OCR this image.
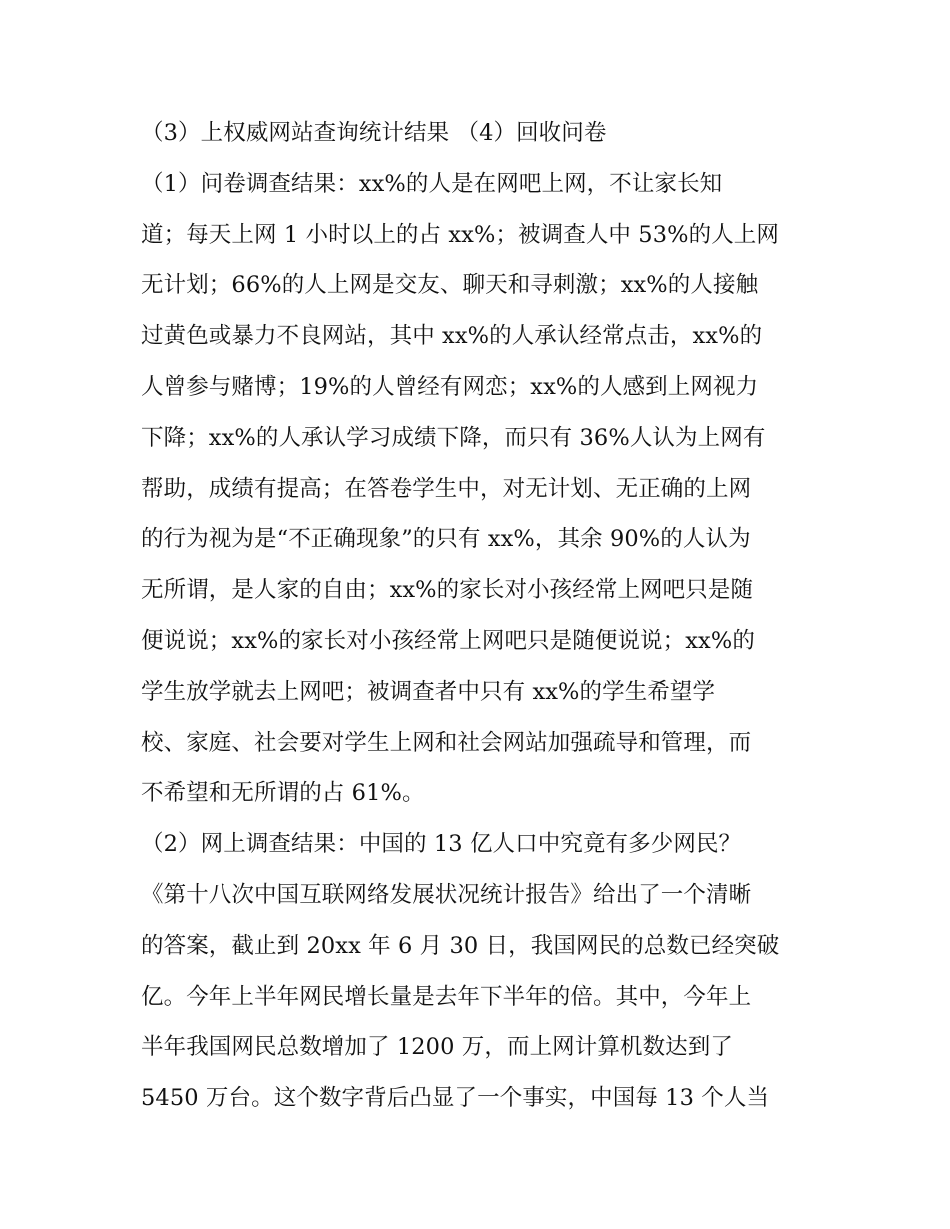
（3）上权威网站查询统计结果 （4）回收问卷
（1）问卷调查结果：xx%的人是在网吧上网，不让家长知
道；每天上网 1 小时以上的占 xx%；被调查人中 53%的人上网
无计划；66%的人上网是交友、聊天和寻刺激；xx%的人接触
过黄色或暴力不良网站，其中 xx%的人承认经常点击，xx%的
人曾参与赌博；19%的人曾经有网恋；xx%的人感到上网视力
下降；xx%的人承认学习成绩下降，而只有 36%人认为上网有
帮助，成绩有提高；在答卷学生中，对无计划、无正确的上网
的行为视为是“不正确现象”的只有 xx%，其余 90%的人认为
无所谓，是人家的自由；xx%的家长对小孩经常上网吧只是随
便说说；xx%的家长对小孩经常上网吧只是随便说说；xx%的
学生放学就去上网吧；被调查者中只有 xx%的学生希望学
校、家庭、社会要对学生上网和社会网站加强疏导和管理，而
不希望和无所谓的占 61%。
（2）网上调查结果：中国的 13 亿人口中究竟有多少网民？
《第十八次中国互联网络发展状况统计报告》给出了一个清晰
的答案，截止到 20xx 年 6 月 30 日，我国网民的总数已经突破
亿。今年上半年网民增长量是去年下半年的倍。其中，今年上
半年我国网民总数增加了 1200 万，而上网计算机数达到了
5450 万台。这个数字背后凸显了一个事实，中国每 13 个人当
